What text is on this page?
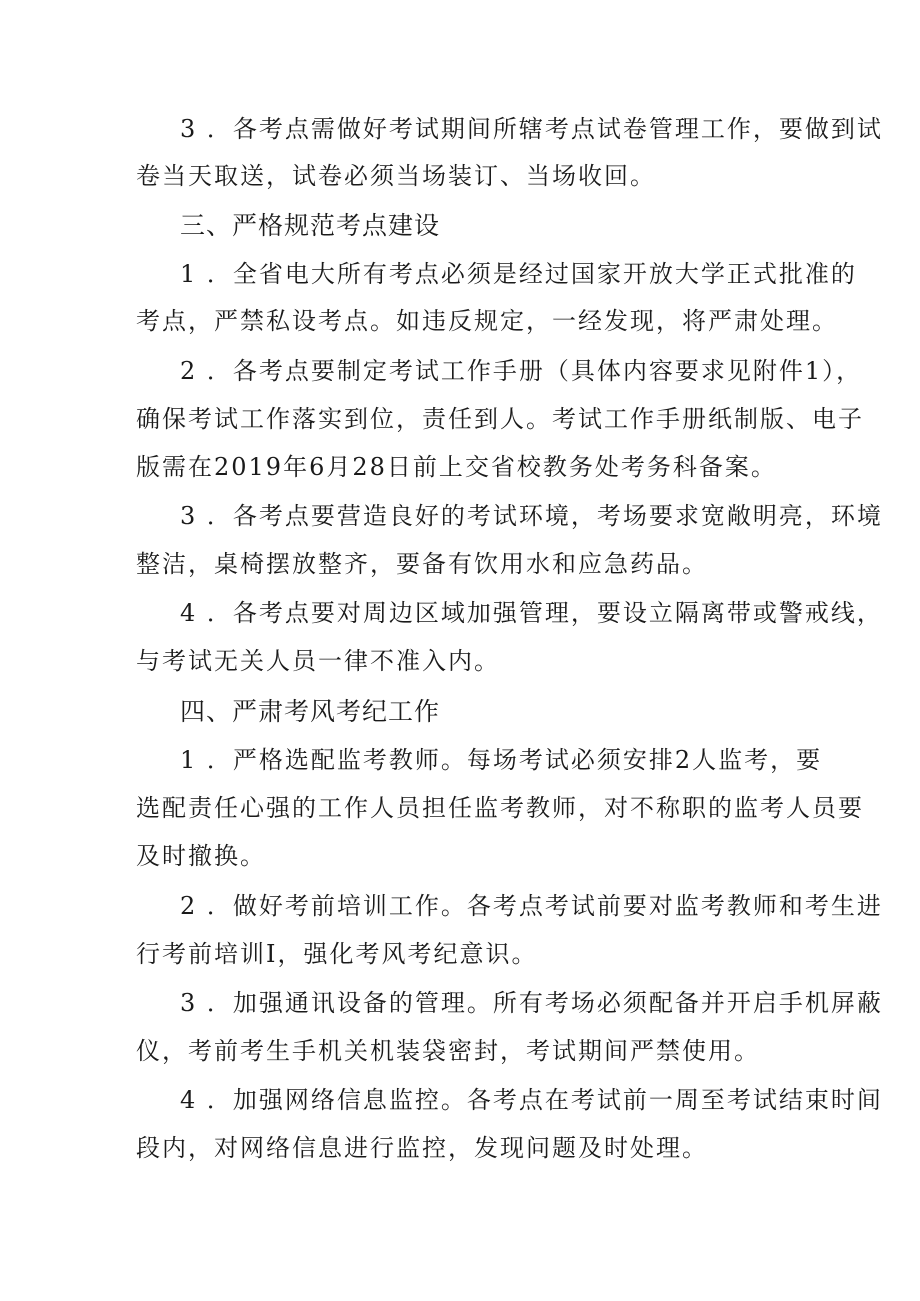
3 ．各考点需做好考试期间所辖考点试卷管理工作，要做到试
卷当天取送，试卷必须当场装订、当场收回。
三、严格规范考点建设
1 ．全省电大所有考点必须是经过国家开放大学正式批准的
考点，严禁私设考点。如违反规定，一经发现，将严肃处理。
2 ．各考点要制定考试工作手册（具体内容要求见附件1），
确保考试工作落实到位，责任到人。考试工作手册纸制版、电子
版需在2019年6月28日前上交省校教务处考务科备案。
3 ．各考点要营造良好的考试环境，考场要求宽敞明亮，环境
整洁，桌椅摆放整齐，要备有饮用水和应急药品。
4 ．各考点要对周边区域加强管理，要设立隔离带或警戒线，
与考试无关人员一律不准入内。
四、严肃考风考纪工作
1 ．严格选配监考教师。每场考试必须安排2人监考，要
选配责任心强的工作人员担任监考教师，对不称职的监考人员要
及时撤换。
2 ．做好考前培训工作。各考点考试前要对监考教师和考生进
行考前培训I，强化考风考纪意识。
3 ．加强通讯设备的管理。所有考场必须配备并开启手机屏蔽
仪，考前考生手机关机装袋密封，考试期间严禁使用。
4 ．加强网络信息监控。各考点在考试前一周至考试结束时间
段内，对网络信息进行监控，发现问题及时处理。
